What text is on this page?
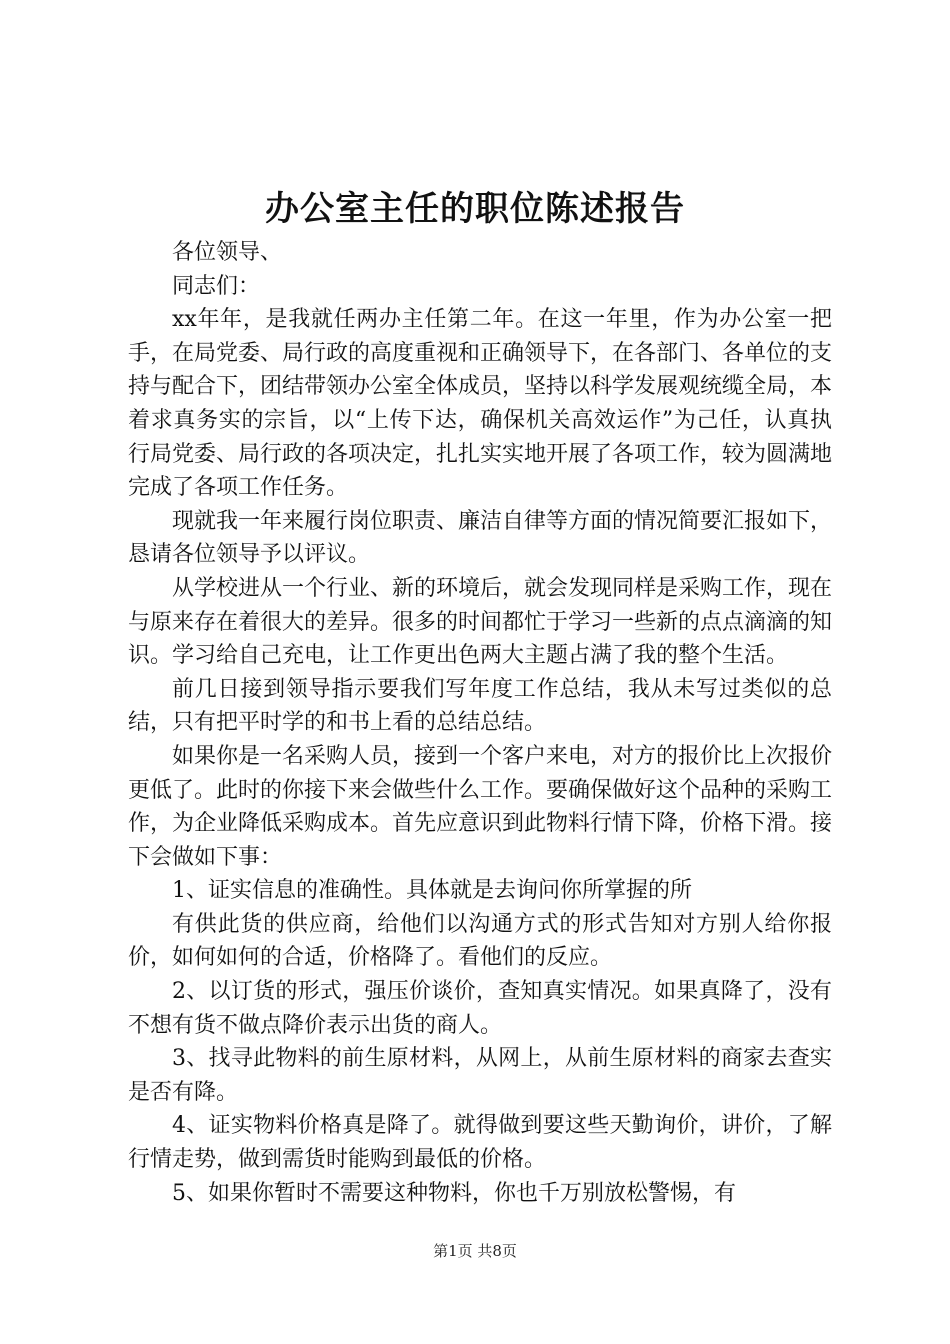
办公室主任的职位陈述报告

各位领导、

同志们：

xx年年，是我就任两办主任第二年。在这一年里，作为办公室一把手，在局党委、局行政的高度重视和正确领导下，在各部门、各单位的支持与配合下，团结带领办公室全体成员，坚持以科学发展观统缆全局，本着求真务实的宗旨，以“上传下达，确保机关高效运作”为己任，认真执行局党委、局行政的各项决定，扎扎实实地开展了各项工作，较为圆满地完成了各项工作任务。

现就我一年来履行岗位职责、廉洁自律等方面的情况简要汇报如下，恳请各位领导予以评议。

从学校进从一个行业、新的环境后，就会发现同样是采购工作，现在与原来存在着很大的差异。很多的时间都忙于学习一些新的点点滴滴的知识。学习给自己充电，让工作更出色两大主题占满了我的整个生活。

前几日接到领导指示要我们写年度工作总结，我从未写过类似的总结，只有把平时学的和书上看的总结总结。

如果你是一名采购人员，接到一个客户来电，对方的报价比上次报价更低了。此时的你接下来会做些什么工作。要确保做好这个品种的采购工作，为企业降低采购成本。首先应意识到此物料行情下降，价格下滑。接下会做如下事：

1、证实信息的准确性。具体就是去询问你所掌握的所

有供此货的供应商，给他们以沟通方式的形式告知对方别人给你报价，如何如何的合适，价格降了。看他们的反应。

2、以订货的形式，强压价谈价，查知真实情况。如果真降了，没有不想有货不做点降价表示出货的商人。

3、找寻此物料的前生原材料，从网上，从前生原材料的商家去查实是否有降。

4、证实物料价格真是降了。就得做到要这些天勤询价，讲价，了解行情走势，做到需货时能购到最低的价格。

5、如果你暂时不需要这种物料，你也千万别放松警惕，有

第1页 共8页
